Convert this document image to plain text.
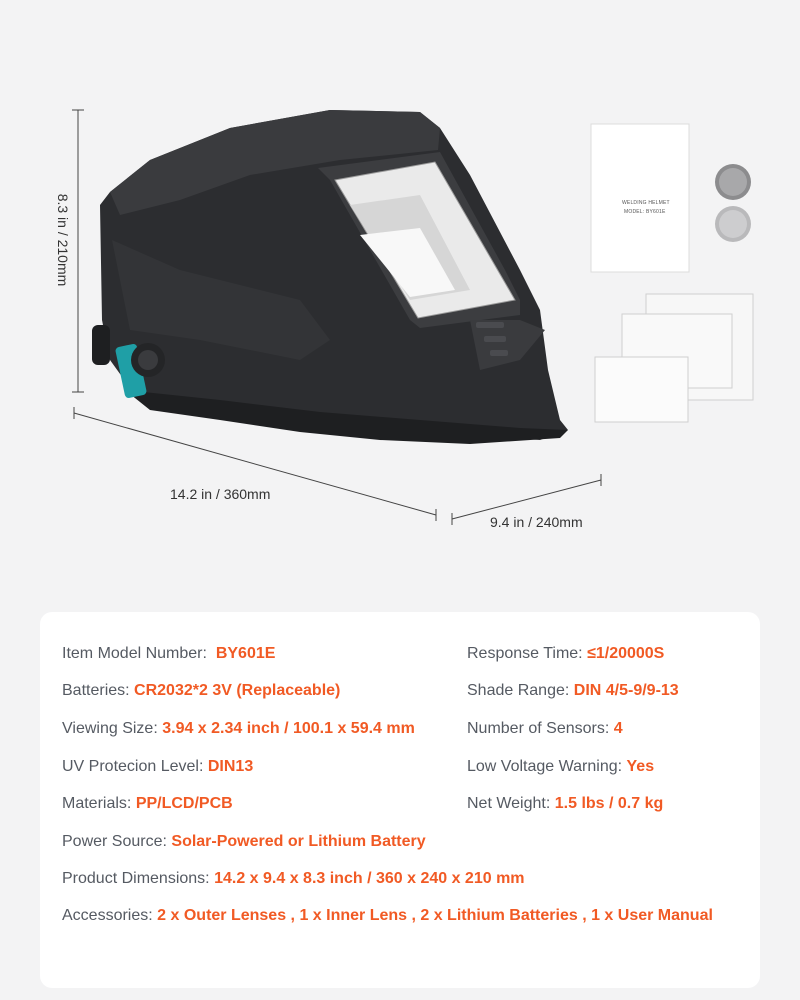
WELDING HELMET
MODEL: BY601E
8.3 in / 210mm
14.2 in / 360mm
9.4 in / 240mm
Item Model Number: BY601E
Batteries: CR2032*2 3V (Replaceable)
Viewing Size: 3.94 x 2.34 inch / 100.1 x 59.4 mm
UV Protecion Level: DIN13
Materials: PP/LCD/PCB
Power Source: Solar-Powered or Lithium Battery
Product Dimensions: 14.2 x 9.4 x 8.3 inch / 360 x 240 x 210 mm
Accessories: 2 x Outer Lenses , 1 x Inner Lens , 2 x Lithium Batteries , 1 x User Manual
Response Time: ≤1/20000S
Shade Range: DIN 4/5-9/9-13
Number of Sensors: 4
Low Voltage Warning: Yes
Net Weight: 1.5 lbs / 0.7 kg
